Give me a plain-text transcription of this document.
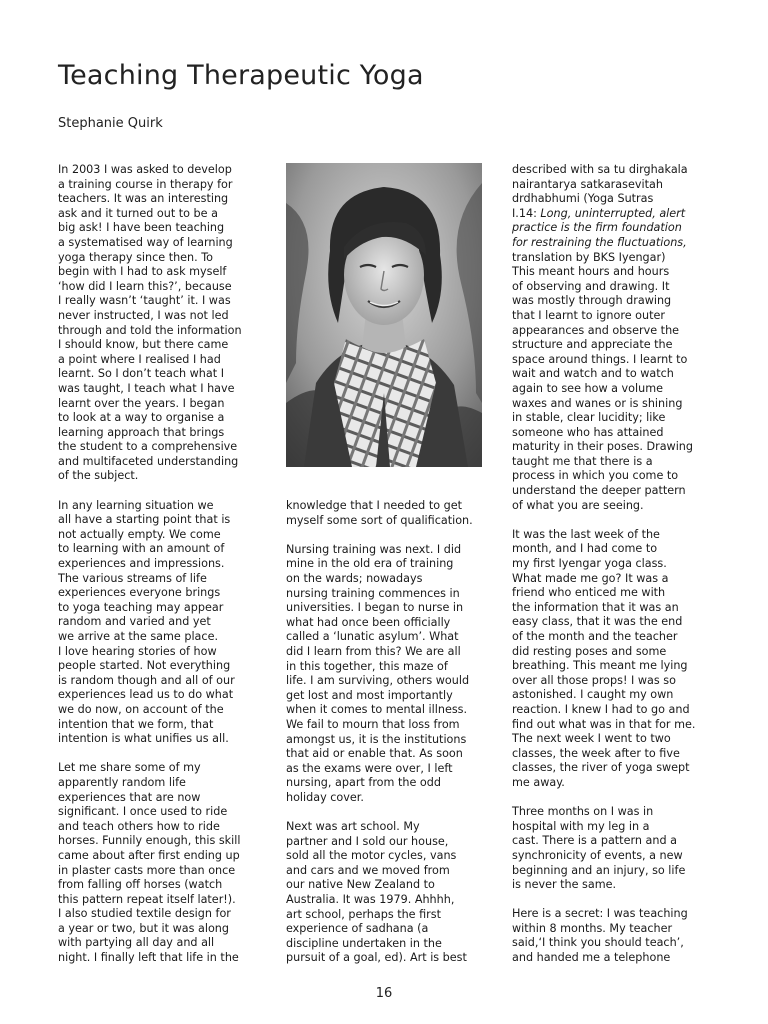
Teaching Therapeutic Yoga
Stephanie Quirk

In 2003 I was asked to develop
a training course in therapy for
teachers. It was an interesting
ask and it turned out to be a
big ask! I have been teaching
a systematised way of learning
yoga therapy since then. To
begin with I had to ask myself
‘how did I learn this?’, because
I really wasn’t ‘taught’ it. I was
never instructed, I was not led
through and told the information
I should know, but there came
a point where I realised I had
learnt. So I don’t teach what I
was taught, I teach what I have
learnt over the years. I began
to look at a way to organise a
learning approach that brings
the student to a comprehensive
and multifaceted understanding
of the subject.

In any learning situation we
all have a starting point that is
not actually empty. We come
to learning with an amount of
experiences and impressions.
The various streams of life
experiences everyone brings
to yoga teaching may appear
random and varied and yet
we arrive at the same place.
I love hearing stories of how
people started. Not everything
is random though and all of our
experiences lead us to do what
we do now, on account of the
intention that we form, that
intention is what unifies us all.

Let me share some of my
apparently random life
experiences that are now
significant. I once used to ride
and teach others how to ride
horses. Funnily enough, this skill
came about after first ending up
in plaster casts more than once
from falling off horses (watch
this pattern repeat itself later!).
I also studied textile design for
a year or two, but it was along
with partying all day and all
night. I finally left that life in the

knowledge that I needed to get
myself some sort of qualification.

Nursing training was next. I did
mine in the old era of training
on the wards; nowadays
nursing training commences in
universities. I began to nurse in
what had once been officially
called a ‘lunatic asylum’. What
did I learn from this? We are all
in this together, this maze of
life. I am surviving, others would
get lost and most importantly
when it comes to mental illness.
We fail to mourn that loss from
amongst us, it is the institutions
that aid or enable that. As soon
as the exams were over, I left
nursing, apart from the odd
holiday cover.

Next was art school. My
partner and I sold our house,
sold all the motor cycles, vans
and cars and we moved from
our native New Zealand to
Australia. It was 1979. Ahhhh,
art school, perhaps the first
experience of sadhana (a
discipline undertaken in the
pursuit of a goal, ed). Art is best

described with sa tu dirghakala
nairantarya satkarasevitah
drdhabhumi (Yoga Sutras
I.14: Long, uninterrupted, alert
practice is the firm foundation
for restraining the fluctuations,
translation by BKS Iyengar)
This meant hours and hours
of observing and drawing. It
was mostly through drawing
that I learnt to ignore outer
appearances and observe the
structure and appreciate the
space around things. I learnt to
wait and watch and to watch
again to see how a volume
waxes and wanes or is shining
in stable, clear lucidity; like
someone who has attained
maturity in their poses. Drawing
taught me that there is a
process in which you come to
understand the deeper pattern
of what you are seeing.

It was the last week of the
month, and I had come to
my first Iyengar yoga class.
What made me go? It was a
friend who enticed me with
the information that it was an
easy class, that it was the end
of the month and the teacher
did resting poses and some
breathing. This meant me lying
over all those props! I was so
astonished. I caught my own
reaction. I knew I had to go and
find out what was in that for me.
The next week I went to two
classes, the week after to five
classes, the river of yoga swept
me away.

Three months on I was in
hospital with my leg in a
cast. There is a pattern and a
synchronicity of events, a new
beginning and an injury, so life
is never the same.

Here is a secret: I was teaching
within 8 months. My teacher
said,‘I think you should teach’,
and handed me a telephone

16
